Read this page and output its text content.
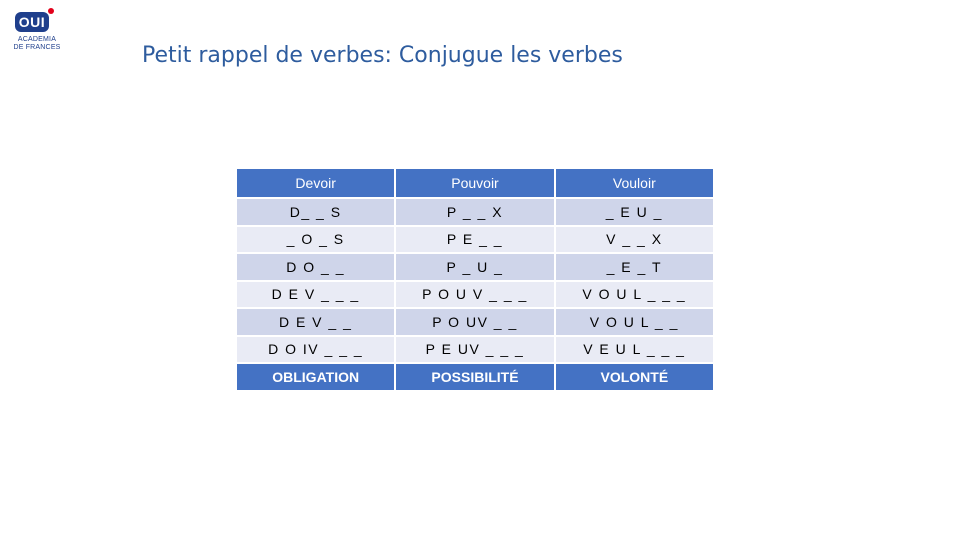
OUI
ACADEMIA
DE FRANCES	Petit rappel de verbes: Conjugue les verbes
Devoir	Pouvoir	Vouloir
D_ _ S	P _ _ X	_ E U _
_ O _ S	P E _ _	V _ _ X
D O _ _	P _ U _	_ E _ T
D E V _ _ _	P O U V _ _ _	V O U L _ _ _
D E V _ _	P O UV _ _	V O U L _ _
D O IV _ _ _	P E UV _ _ _	V E U L _ _ _
OBLIGATION	POSSIBILITÉ	VOLONTÉ
